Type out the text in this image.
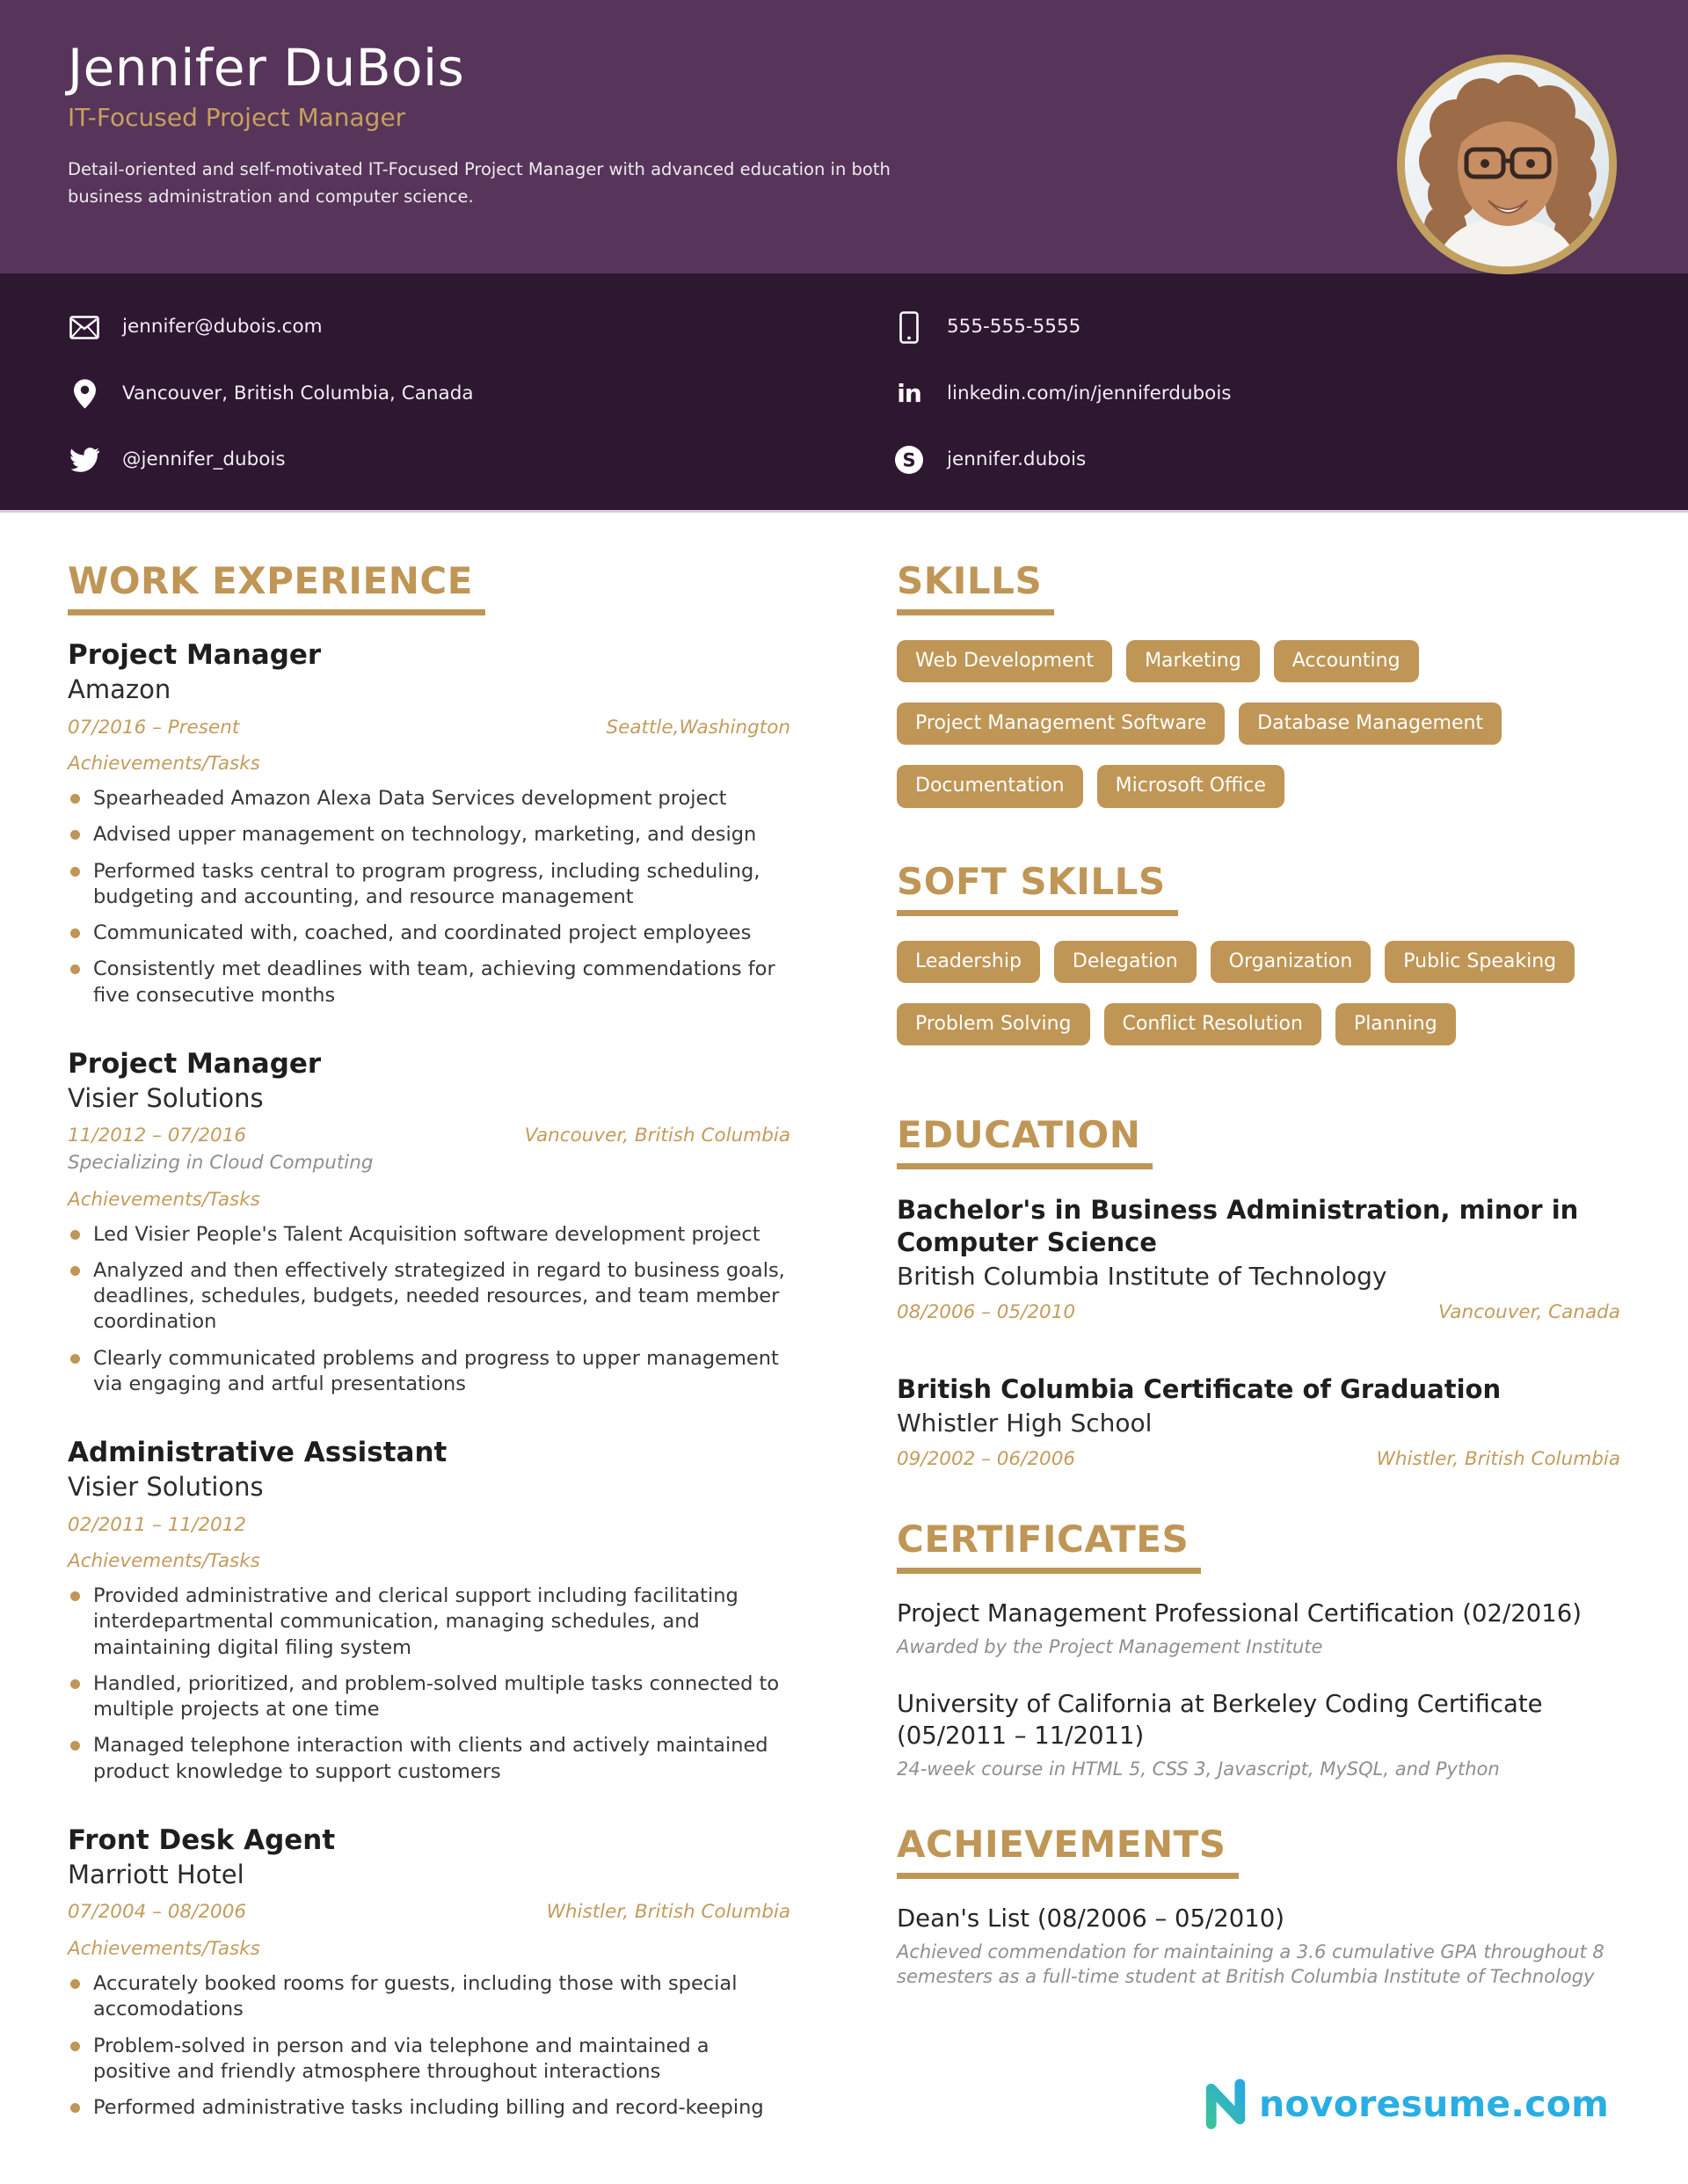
Jennifer DuBois
IT-Focused Project Manager

Detail-oriented and self-motivated IT-Focused Project Manager with advanced education in both business administration and computer science.

jennifer@dubois.com
Vancouver, British Columbia, Canada
@jennifer_dubois
555-555-5555
in linkedin.com/in/jenniferdubois
S jennifer.dubois
WORK EXPERIENCE
Project Manager
Amazon
07/2016 – Present	Seattle,Washington
Achievements/Tasks
Spearheaded Amazon Alexa Data Services development project
Advised upper management on technology, marketing, and design
Performed tasks central to program progress, including scheduling, budgeting and accounting, and resource management
Communicated with, coached, and coordinated project employees
Consistently met deadlines with team, achieving commendations for five consecutive months
Project Manager
Visier Solutions
11/2012 – 07/2016	Vancouver, British Columbia
Specializing in Cloud Computing
Achievements/Tasks
Led Visier People's Talent Acquisition software development project
Analyzed and then effectively strategized in regard to business goals, deadlines, schedules, budgets, needed resources, and team member coordination
Clearly communicated problems and progress to upper management via engaging and artful presentations
Administrative Assistant
Visier Solutions
02/2011 – 11/2012
Achievements/Tasks
Provided administrative and clerical support including facilitating interdepartmental communication, managing schedules, and maintaining digital filing system
Handled, prioritized, and problem-solved multiple tasks connected to multiple projects at one time
Managed telephone interaction with clients and actively maintained product knowledge to support customers
Front Desk Agent
Marriott Hotel
07/2004 – 08/2006	Whistler, British Columbia
Achievements/Tasks
Accurately booked rooms for guests, including those with special accomodations
Problem-solved in person and via telephone and maintained a positive and friendly atmosphere throughout interactions
Performed administrative tasks including billing and record-keeping
SKILLS
Web Development	Marketing	Accounting
Project Management Software	Database Management
Documentation	Microsoft Office
SOFT SKILLS
Leadership	Delegation	Organization	Public Speaking
Problem Solving	Conflict Resolution	Planning
EDUCATION
Bachelor's in Business Administration, minor in Computer Science
British Columbia Institute of Technology
08/2006 – 05/2010	Vancouver, Canada
British Columbia Certificate of Graduation
Whistler High School
09/2002 – 06/2006	Whistler, British Columbia
CERTIFICATES
Project Management Professional Certification (02/2016)
Awarded by the Project Management Institute
University of California at Berkeley Coding Certificate (05/2011 – 11/2011)
24-week course in HTML 5, CSS 3, Javascript, MySQL, and Python
ACHIEVEMENTS
Dean's List (08/2006 – 05/2010)
Achieved commendation for maintaining a 3.6 cumulative GPA throughout 8 semesters as a full-time student at British Columbia Institute of Technology
novoresume.com
